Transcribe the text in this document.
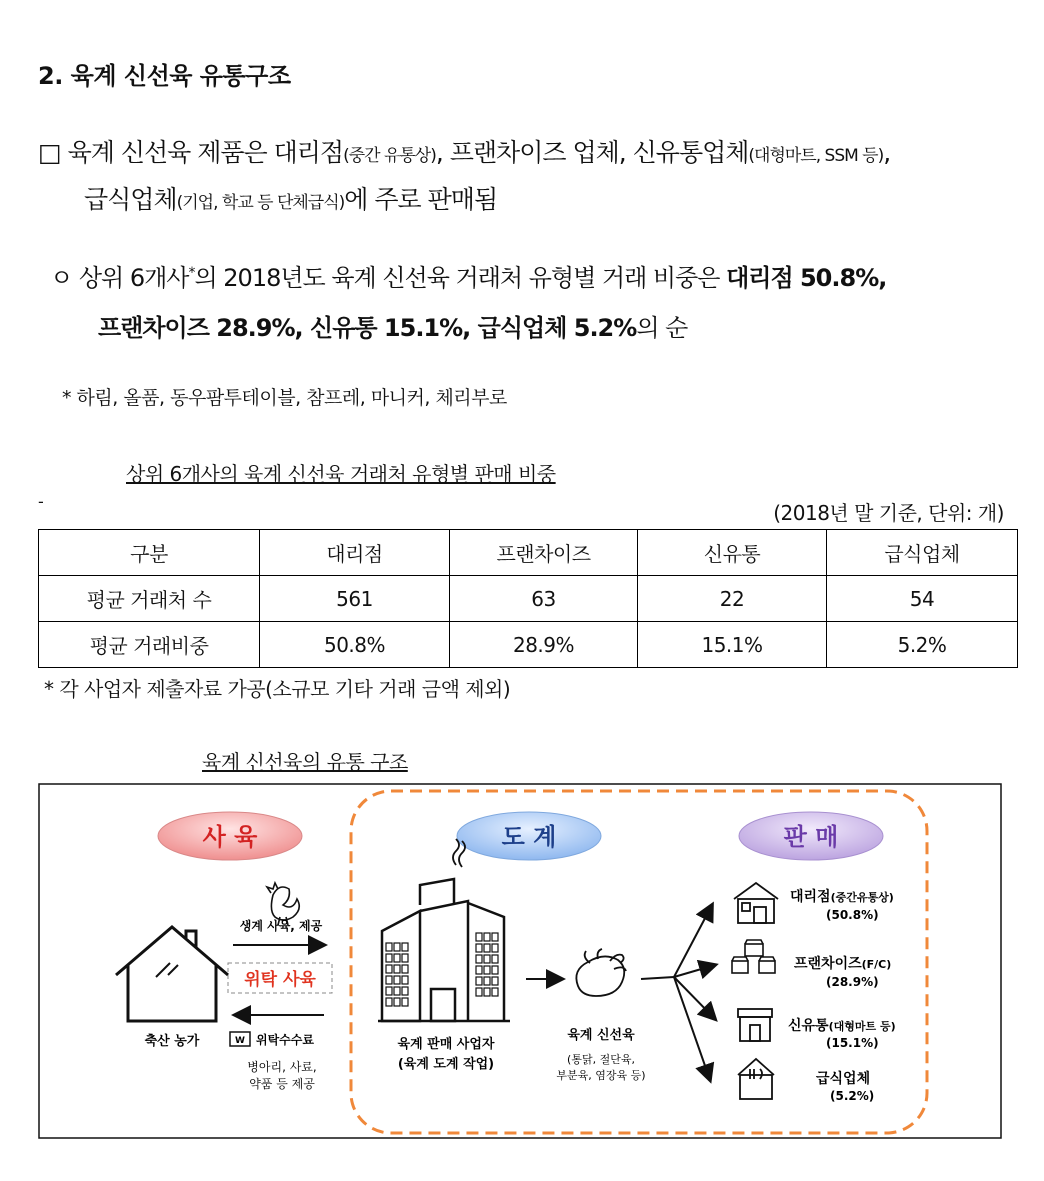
2. 육계 신선육 유통구조
□ 육계 신선육 제품은 대리점(중간 유통상), 프랜차이즈 업체, 신유통업체(대형마트, SSM 등),
급식업체(기업, 학교 등 단체급식)에 주로 판매됨
ㅇ 상위 6개사*의 2018년도 육계 신선육 거래처 유형별 거래 비중은 대리점 50.8%,
프랜차이즈 28.9%, 신유통 15.1%, 급식업체 5.2%의 순
* 하림, 올품, 동우팜투테이블, 참프레, 마니커, 체리부로
상위 6개사의 육계 신선육 거래처 유형별 판매 비중
-	(2018년 말 기준, 단위: 개)
구분	대리점	프랜차이즈	신유통	급식업체
평균 거래처 수	561	63	22	54
평균 거래비중	50.8%	28.9%	15.1%	5.2%
* 각 사업자 제출자료 가공(소규모 기타 거래 금액 제외)
육계 신선육의 유통 구조
사 육	도 계	판 매
축산 농가
생계 사육, 제공
위탁 사육
W 위탁수수료
병아리, 사료,
약품 등 제공
육계 판매 사업자
(육계 도계 작업)
육계 신선육
(통닭, 절단육,
부분육, 염장육 등)
대리점(중간유통상)
(50.8%)
프랜차이즈(F/C)
(28.9%)
신유통(대형마트 등)
(15.1%)
급식업체
(5.2%)
